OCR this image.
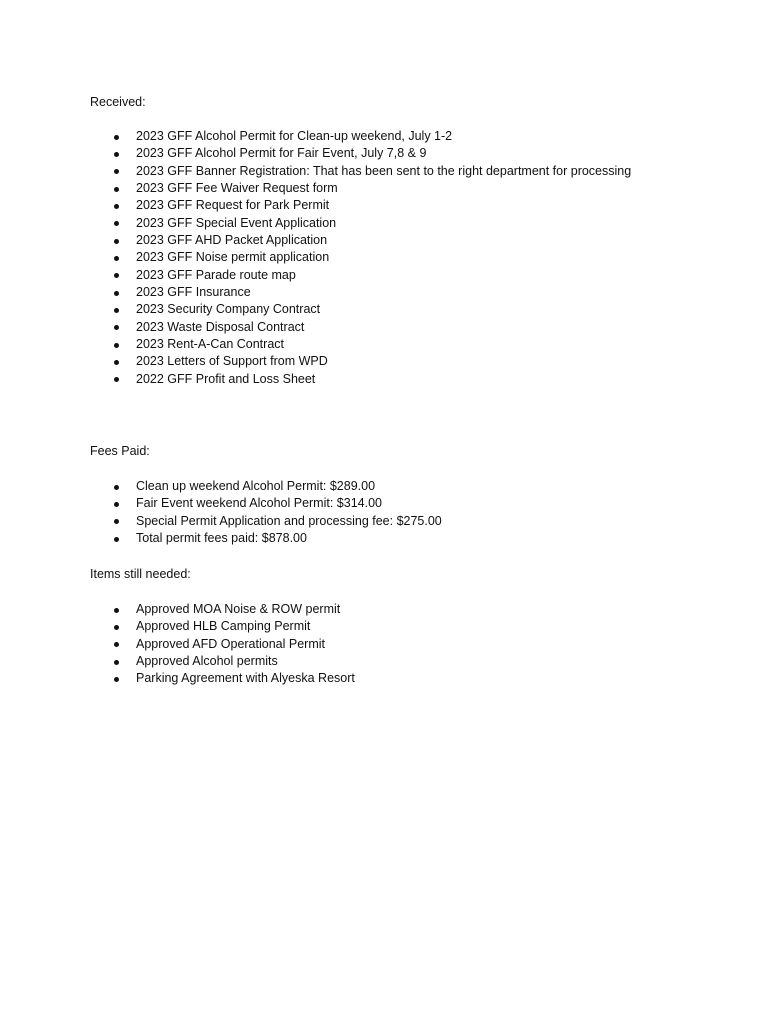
Received:

2023 GFF Alcohol Permit for Clean-up weekend, July 1-2
2023 GFF Alcohol Permit for Fair Event, July 7,8 & 9
2023 GFF Banner Registration: That has been sent to the right department for processing
2023 GFF Fee Waiver Request form
2023 GFF Request for Park Permit
2023 GFF Special Event Application
2023 GFF AHD Packet Application
2023 GFF Noise permit application
2023 GFF Parade route map
2023 GFF Insurance
2023 Security Company Contract
2023 Waste Disposal Contract
2023 Rent-A-Can Contract
2023 Letters of Support from WPD
2022 GFF Profit and Loss Sheet

Fees Paid:

Clean up weekend Alcohol Permit: $289.00
Fair Event weekend Alcohol Permit: $314.00
Special Permit Application and processing fee: $275.00
Total permit fees paid: $878.00

Items still needed:

Approved MOA Noise & ROW permit
Approved HLB Camping Permit
Approved AFD Operational Permit
Approved Alcohol permits
Parking Agreement with Alyeska Resort
